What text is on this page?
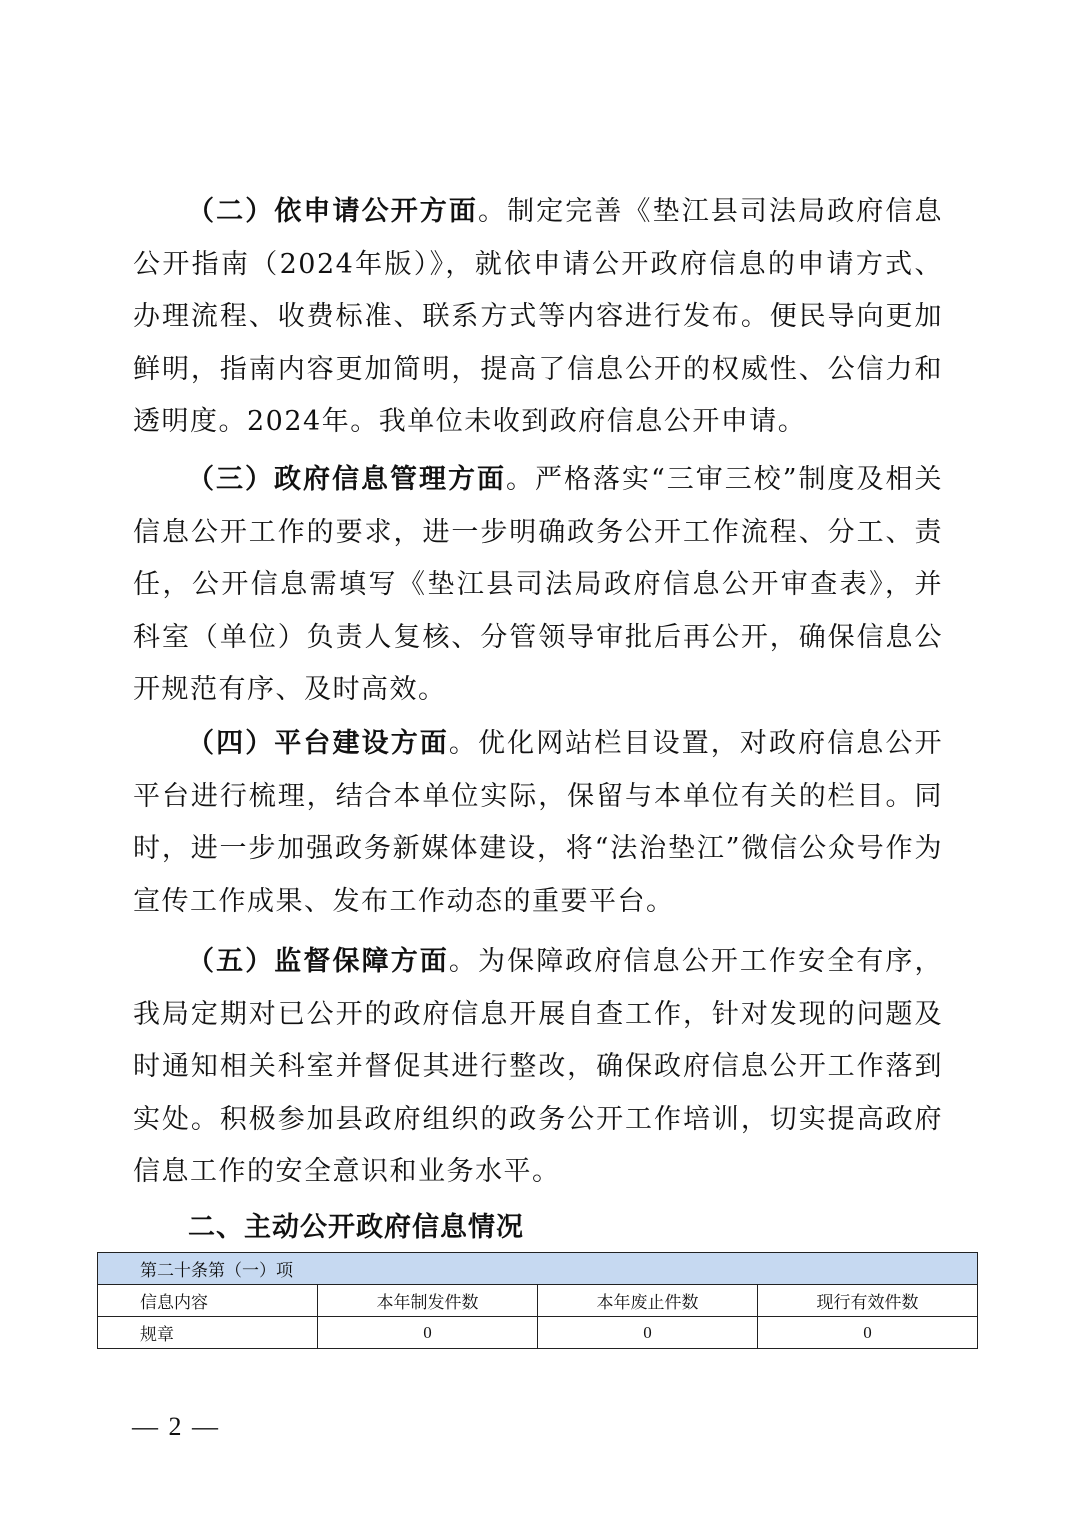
（二）依申请公开方面。制定完善《垫江县司法局政府信息公开指南（2024年版）》，就依申请公开政府信息的申请方式、办理流程、收费标准、联系方式等内容进行发布。便民导向更加鲜明，指南内容更加简明，提高了信息公开的权威性、公信力和透明度。2024年。我单位未收到政府信息公开申请。

（三）政府信息管理方面。严格落实“三审三校”制度及相关信息公开工作的要求，进一步明确政务公开工作流程、分工、责任，公开信息需填写《垫江县司法局政府信息公开审查表》，并科室（单位）负责人复核、分管领导审批后再公开，确保信息公开规范有序、及时高效。

（四）平台建设方面。优化网站栏目设置，对政府信息公开平台进行梳理，结合本单位实际，保留与本单位有关的栏目。同时，进一步加强政务新媒体建设，将“法治垫江”微信公众号作为宣传工作成果、发布工作动态的重要平台。

（五）监督保障方面。为保障政府信息公开工作安全有序，我局定期对已公开的政府信息开展自查工作，针对发现的问题及时通知相关科室并督促其进行整改，确保政府信息公开工作落到实处。积极参加县政府组织的政务公开工作培训，切实提高政府信息工作的安全意识和业务水平。

二、主动公开政府信息情况
第二十条第（一）项			
信息内容	本年制发件数	本年废止件数	现行有效件数
规章	0	0	0
— 2 —
